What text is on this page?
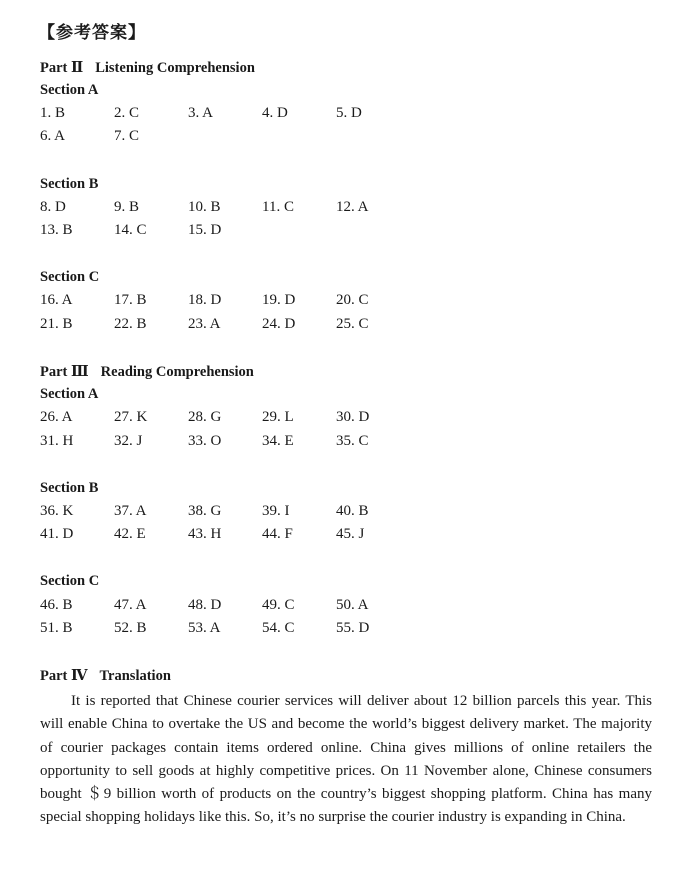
【参考答案】
Part Ⅱ Listening Comprehension
Section A
1. B	2. C	3. A	4. D	5. D
6. A	7. C
Section B
8. D	9. B	10. B	11. C	12. A
13. B	14. C	15. D
Section C
16. A	17. B	18. D	19. D	20. C
21. B	22. B	23. A	24. D	25. C
Part Ⅲ Reading Comprehension
Section A
26. A	27. K	28. G	29. L	30. D
31. H	32. J	33. O	34. E	35. C
Section B
36. K	37. A	38. G	39. I	40. B
41. D	42. E	43. H	44. F	45. J
Section C
46. B	47. A	48. D	49. C	50. A
51. B	52. B	53. A	54. C	55. D
Part Ⅳ Translation

It is reported that Chinese courier services will deliver about 12 billion parcels this year. This will enable China to overtake the US and become the world’s biggest delivery market. The majority of courier packages contain items ordered online. China gives millions of online retailers the opportunity to sell goods at highly competitive prices. On 11 November alone, Chinese consumers bought ＄9 billion worth of products on the country’s biggest shopping platform. China has many special shopping holidays like this. So, it’s no surprise the courier industry is expanding in China.
